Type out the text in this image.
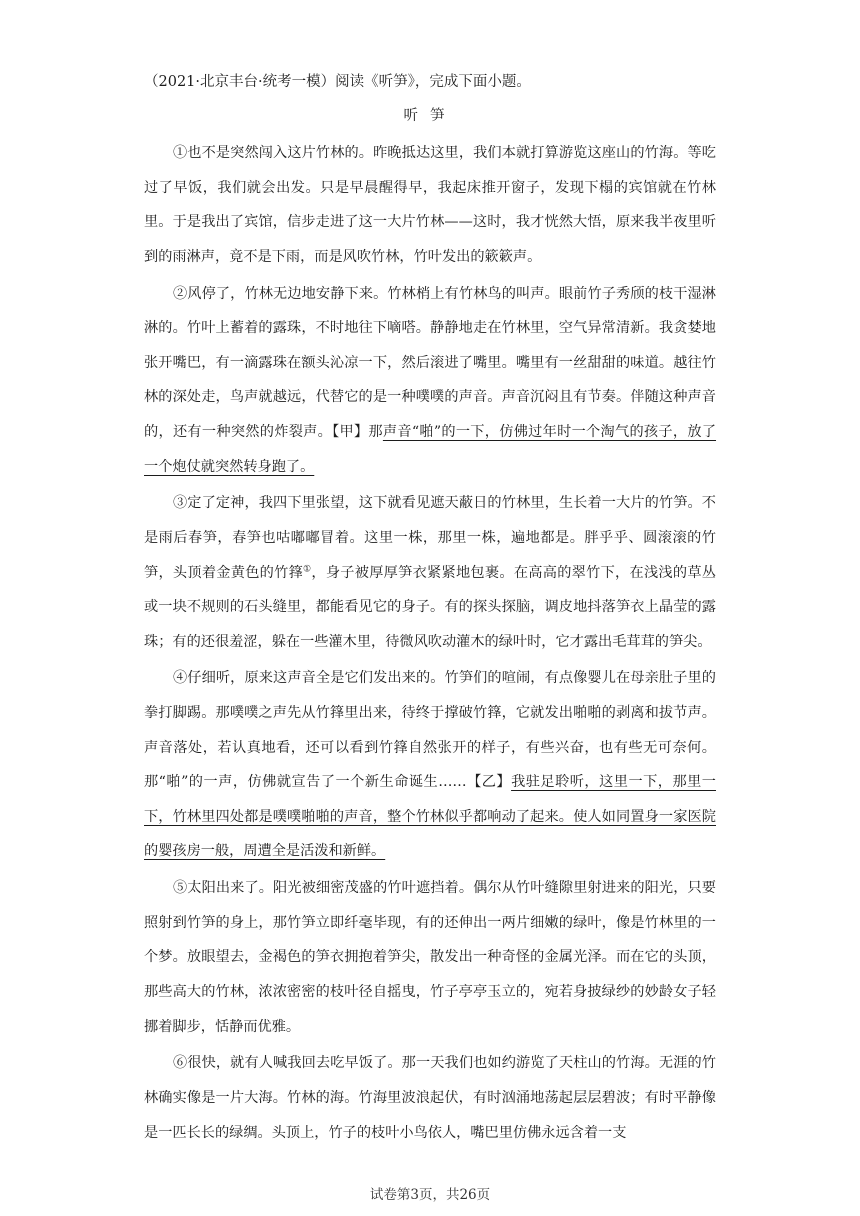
（2021·北京丰台·统考一模）阅读《听笋》，完成下面小题。
听笋

①也不是突然闯入这片竹林的。昨晚抵达这里，我们本就打算游览这座山的竹海。等吃过了早饭，我们就会出发。只是早晨醒得早，我起床推开窗子，发现下榻的宾馆就在竹林里。于是我出了宾馆，信步走进了这一大片竹林——这时，我才恍然大悟，原来我半夜里听到的雨淋声，竟不是下雨，而是风吹竹林，竹叶发出的簌簌声。

②风停了，竹林无边地安静下来。竹林梢上有竹林鸟的叫声。眼前竹子秀颀的枝干湿淋淋的。竹叶上蓄着的露珠，不时地往下嘀嗒。静静地走在竹林里，空气异常清新。我贪婪地张开嘴巴，有一滴露珠在额头沁凉一下，然后滚进了嘴里。嘴里有一丝甜甜的味道。越往竹林的深处走，鸟声就越远，代替它的是一种噗噗的声音。声音沉闷且有节奏。伴随这种声音的，还有一种突然的炸裂声。【甲】那声音“啪”的一下，仿佛过年时一个淘气的孩子，放了一个炮仗就突然转身跑了。

③定了定神，我四下里张望，这下就看见遮天蔽日的竹林里，生长着一大片的竹笋。不是雨后春笋，春笋也咕嘟嘟冒着。这里一株，那里一株，遍地都是。胖乎乎、圆滚滚的竹笋，头顶着金黄色的竹箨①，身子被厚厚笋衣紧紧地包裹。在高高的翠竹下，在浅浅的草丛或一块不规则的石头缝里，都能看见它的身子。有的探头探脑，调皮地抖落笋衣上晶莹的露珠；有的还很羞涩，躲在一些灌木里，待微风吹动灌木的绿叶时，它才露出毛茸茸的笋尖。

④仔细听，原来这声音全是它们发出来的。竹笋们的喧闹，有点像婴儿在母亲肚子里的拳打脚踢。那噗噗之声先从竹箨里出来，待终于撑破竹箨，它就发出啪啪的剥离和拔节声。声音落处，若认真地看，还可以看到竹箨自然张开的样子，有些兴奋，也有些无可奈何。那“啪”的一声，仿佛就宣告了一个新生命诞生……【乙】我驻足聆听，这里一下，那里一下，竹林里四处都是噗噗啪啪的声音，整个竹林似乎都响动了起来。使人如同置身一家医院的婴孩房一般，周遭全是活泼和新鲜。

⑤太阳出来了。阳光被细密茂盛的竹叶遮挡着。偶尔从竹叶缝隙里射进来的阳光，只要照射到竹笋的身上，那竹笋立即纤毫毕现，有的还伸出一两片细嫩的绿叶，像是竹林里的一个梦。放眼望去，金褐色的笋衣拥抱着笋尖，散发出一种奇怪的金属光泽。而在它的头顶，那些高大的竹林，浓浓密密的枝叶径自摇曳，竹子亭亭玉立的，宛若身披绿纱的妙龄女子轻挪着脚步，恬静而优雅。

⑥很快，就有人喊我回去吃早饭了。那一天我们也如约游览了天柱山的竹海。无涯的竹林确实像是一片大海。竹林的海。竹海里波浪起伏，有时汹涌地荡起层层碧波；有时平静像是一匹长长的绿绸。头顶上，竹子的枝叶小鸟依人，嘴巴里仿佛永远含着一支

试卷第3页，共26页
